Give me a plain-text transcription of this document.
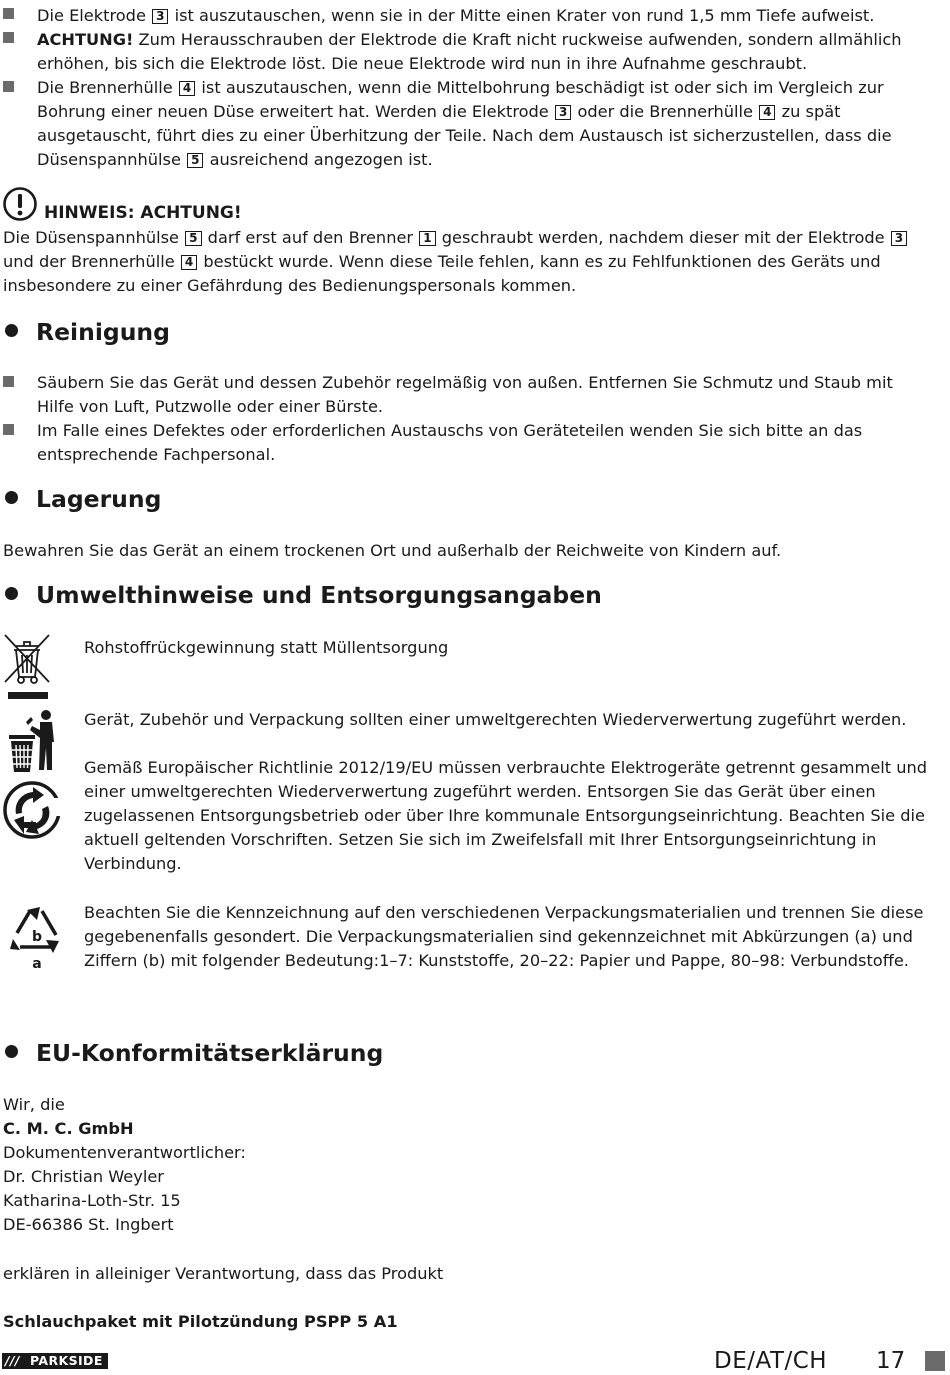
Die Elektrode 3 ist auszutauschen, wenn sie in der Mitte einen Krater von rund 1,5 mm Tiefe aufweist.

ACHTUNG! Zum Herausschrauben der Elektrode die Kraft nicht ruckweise aufwenden, sondern allmählich erhöhen, bis sich die Elektrode löst. Die neue Elektrode wird nun in ihre Aufnahme geschraubt.

Die Brennerhülle 4 ist auszutauschen, wenn die Mittelbohrung beschädigt ist oder sich im Vergleich zur Bohrung einer neuen Düse erweitert hat. Werden die Elektrode 3 oder die Brennerhülle 4 zu spät ausgetauscht, führt dies zu einer Überhitzung der Teile. Nach dem Austausch ist sicherzustellen, dass die Düsenspannhülse 5 ausreichend angezogen ist.

HINWEIS: ACHTUNG!

Die Düsenspannhülse 5 darf erst auf den Brenner 1 geschraubt werden, nachdem dieser mit der Elektrode 3 und der Brennerhülle 4 bestückt wurde. Wenn diese Teile fehlen, kann es zu Fehlfunktionen des Geräts und insbesondere zu einer Gefährdung des Bedienungspersonals kommen.

Reinigung

Säubern Sie das Gerät und dessen Zubehör regelmäßig von außen. Entfernen Sie Schmutz und Staub mit Hilfe von Luft, Putzwolle oder einer Bürste.

Im Falle eines Defektes oder erforderlichen Austauschs von Geräteteilen wenden Sie sich bitte an das entsprechende Fachpersonal.

Lagerung

Bewahren Sie das Gerät an einem trockenen Ort und außerhalb der Reichweite von Kindern auf.

Umwelthinweise und Entsorgungsangaben

Rohstoffrückgewinnung statt Müllentsorgung

Gerät, Zubehör und Verpackung sollten einer umweltgerechten Wiederverwertung zugeführt werden.

Gemäß Europäischer Richtlinie 2012/19/EU müssen verbrauchte Elektrogeräte getrennt gesammelt und einer umweltgerechten Wiederverwertung zugeführt werden. Entsorgen Sie das Gerät über einen zugelassenen Entsorgungsbetrieb oder über Ihre kommunale Entsorgungseinrichtung. Beachten Sie die aktuell geltenden Vorschriften. Setzen Sie sich im Zweifelsfall mit Ihrer Entsorgungseinrichtung in Verbindung.

b
a

Beachten Sie die Kennzeichnung auf den verschiedenen Verpackungsmaterialien und trennen Sie diese gegebenenfalls gesondert. Die Verpackungsmaterialien sind gekennzeichnet mit Abkürzungen (a) und Ziffern (b) mit folgender Bedeutung:1–7: Kunststoffe, 20–22: Papier und Pappe, 80–98: Verbundstoffe.

EU-Konformitätserklärung
Wir, die
C. M. C. GmbH
Dokumentenverantwortlicher:
Dr. Christian Weyler
Katharina-Loth-Str. 15
DE-66386 St. Ingbert

erklären in alleiniger Verantwortung, dass das Produkt

Schlauchpaket mit Pilotzündung PSPP 5 A1

/// PARKSIDE	DE/AT/CH 17
